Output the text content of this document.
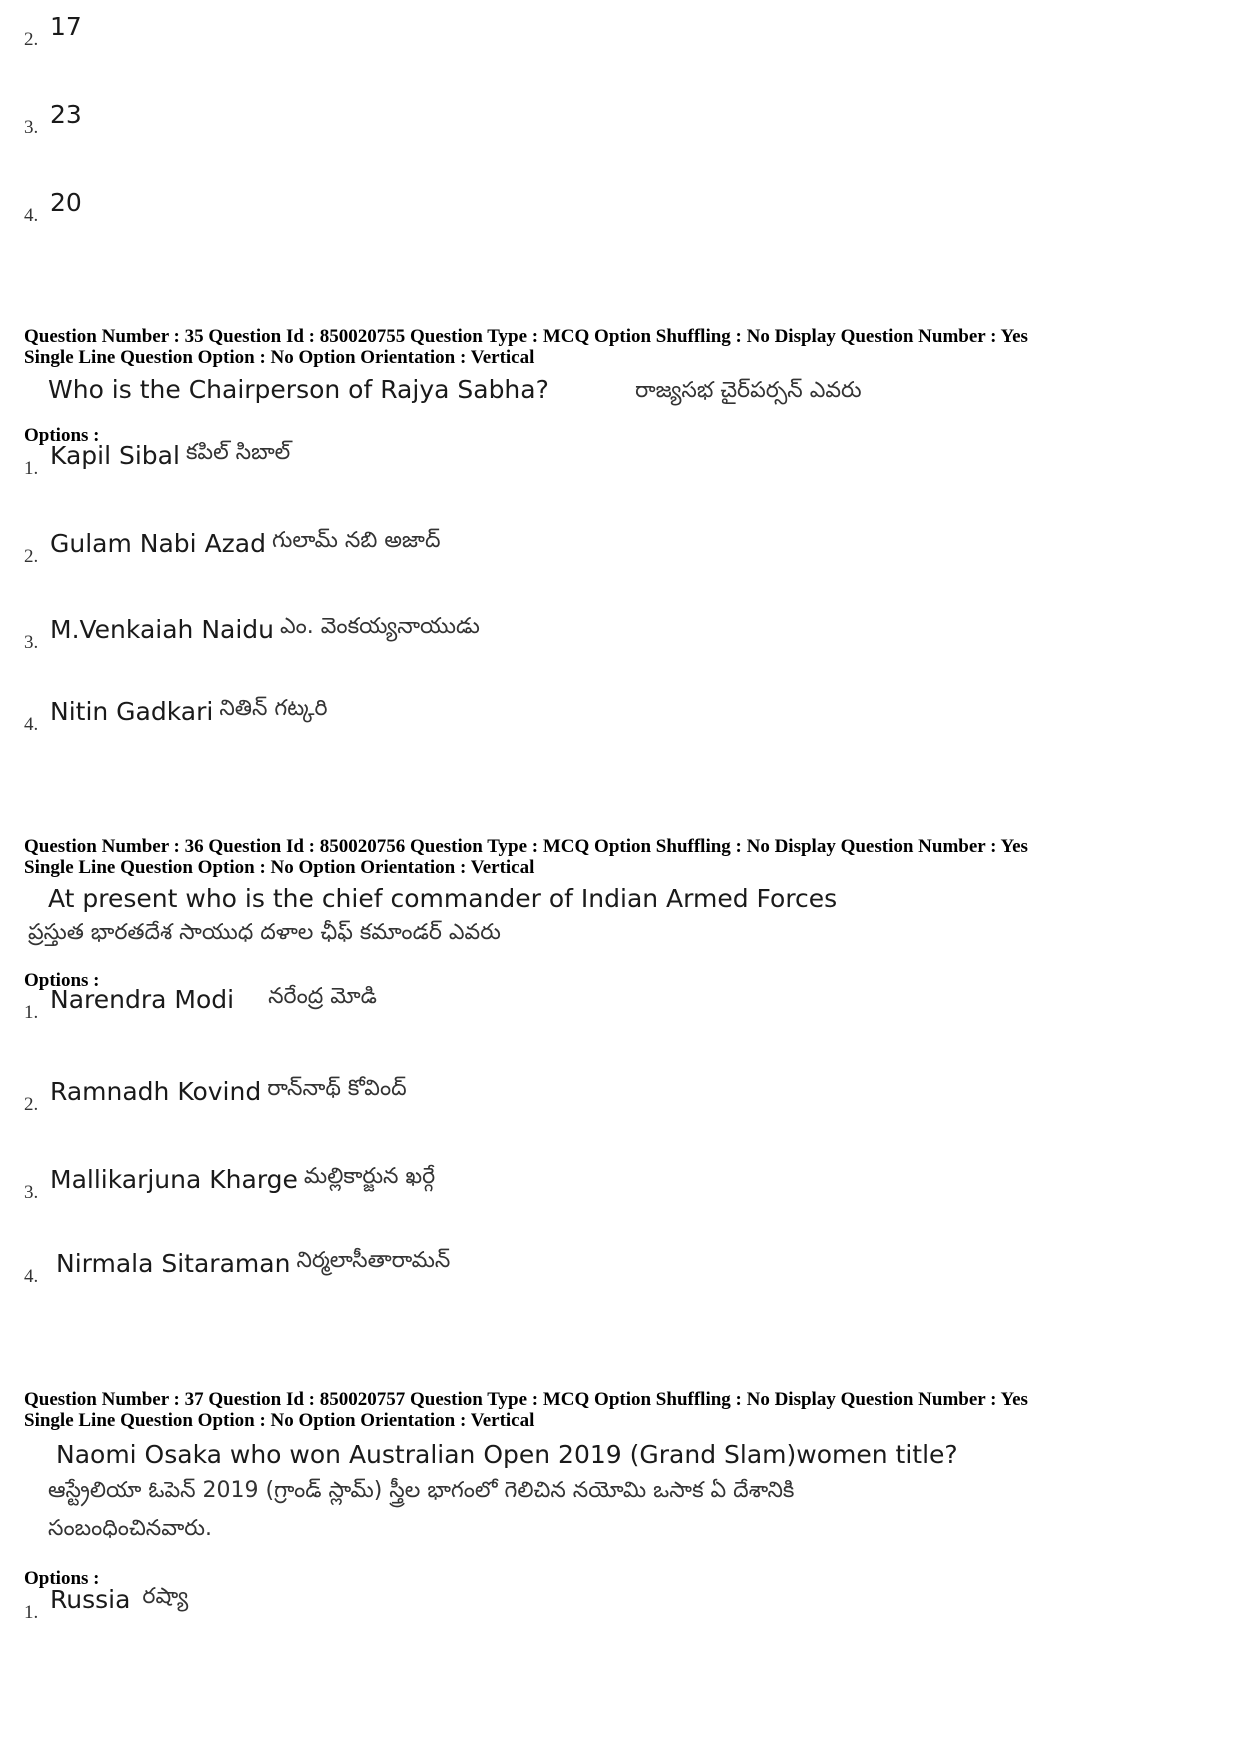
2. 17
3. 23
4. 20
Question Number : 35 Question Id : 850020755 Question Type : MCQ Option Shuffling : No Display Question Number : Yes
Single Line Question Option : No Option Orientation : Vertical
Who is the Chairperson of Rajya Sabha?	రాజ్యసభ చైర్‌పర్సన్ ఎవరు
Options :
1. Kapil Sibal కపిల్ సిబాల్
2. Gulam Nabi Azad గులామ్ నబి అజాద్
3. M.Venkaiah Naidu ఎం. వెంకయ్యనాయుడు
4. Nitin Gadkari నితిన్ గట్కరి
Question Number : 36 Question Id : 850020756 Question Type : MCQ Option Shuffling : No Display Question Number : Yes
Single Line Question Option : No Option Orientation : Vertical
At present who is the chief commander of Indian Armed Forces
ప్రస్తుత భారతదేశ సాయుధ దళాల ఛీఫ్ కమాండర్ ఎవరు
Options :
1. Narendra Modi నరేంద్ర మోడి
2. Ramnadh Kovind రాన్‌నాథ్ కోవింద్
3. Mallikarjuna Kharge మల్లికార్జున ఖర్గే
4. Nirmala Sitaraman నిర్మలాసీతారామన్
Question Number : 37 Question Id : 850020757 Question Type : MCQ Option Shuffling : No Display Question Number : Yes
Single Line Question Option : No Option Orientation : Vertical
Naomi Osaka who won Australian Open 2019 (Grand Slam)women title?
ఆస్ట్రేలియా ఓపెన్ 2019 (గ్రాండ్ స్లామ్) స్త్రీల భాగంలో గెలిచిన నయోమి ఒసాక ఏ దేశానికి
సంబంధించినవారు.
Options :
1. Russia రష్యా
